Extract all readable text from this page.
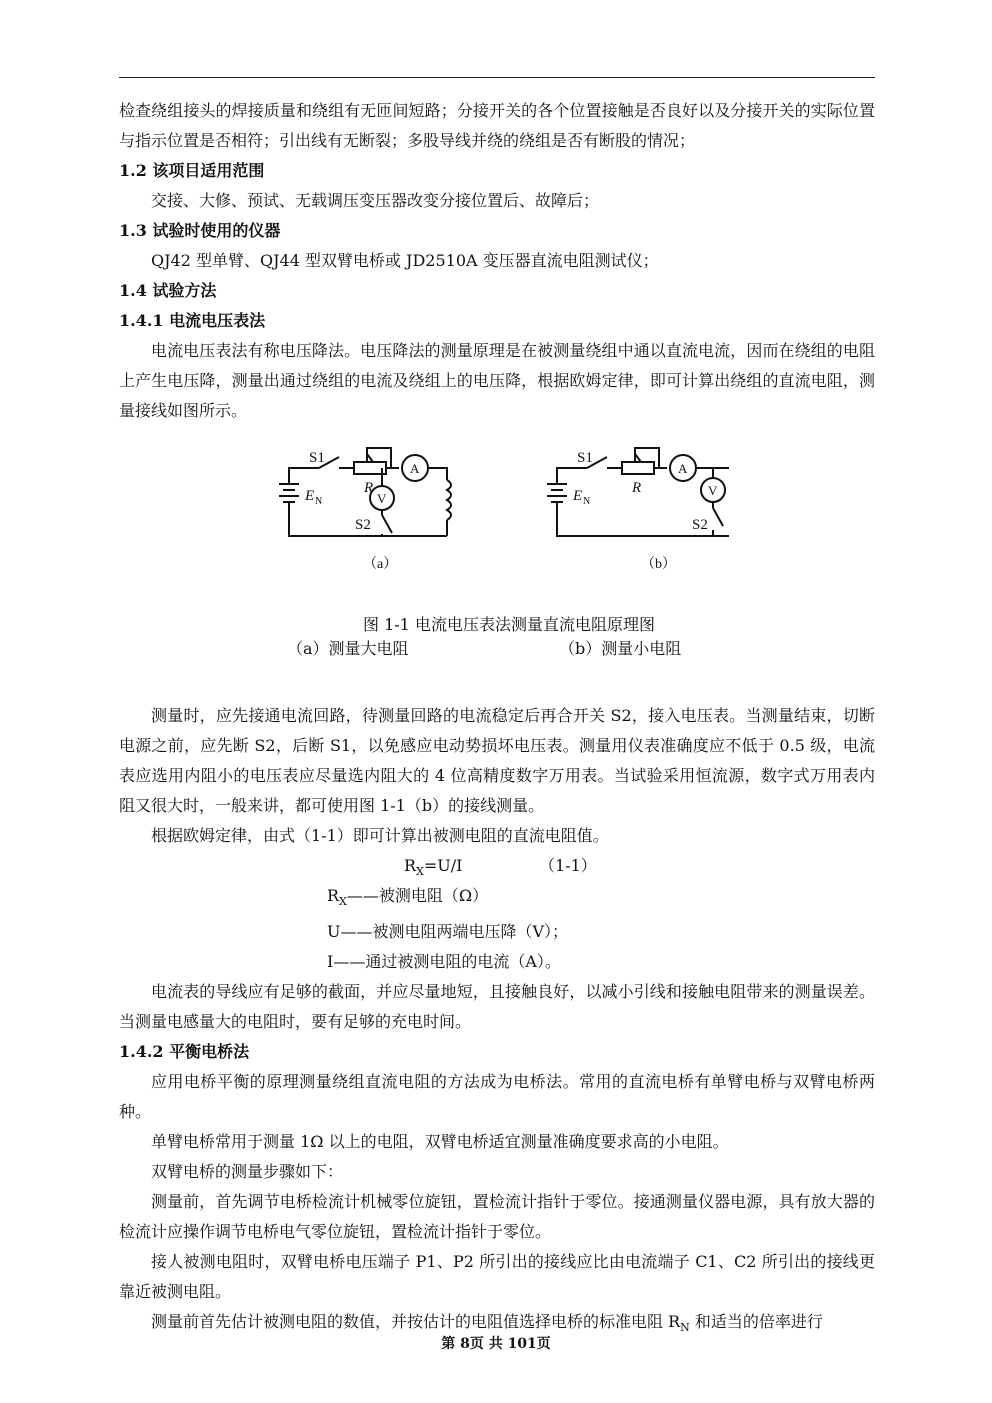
检查绕组接头的焊接质量和绕组有无匝间短路；分接开关的各个位置接触是否良好以及分接开关的实际位置与指示位置是否相符；引出线有无断裂；多股导线并绕的绕组是否有断股的情况；

1.2 该项目适用范围

交接、大修、预试、无载调压变压器改变分接位置后、故障后；

1.3 试验时使用的仪器

QJ42 型单臂、QJ44 型双臂电桥或 JD2510A 变压器直流电阻测试仪；

1.4 试验方法

1.4.1 电流电压表法

电流电压表法有称电压降法。电压降法的测量原理是在被测量绕组中通以直流电流，因而在绕组的电阻上产生电压降，测量出通过绕组的电流及绕组上的电压降，根据欧姆定律，即可计算出绕组的直流电阻，测量接线如图所示。

S1
R
A
V
E N
S2
（a）
S1
R
A
V
E N
S2
（b）
图 1-1 电流电压表法测量直流电阻原理图
（a）测量大电阻	（b）测量小电阻

测量时，应先接通电流回路，待测量回路的电流稳定后再合开关 S2，接入电压表。当测量结束，切断电源之前，应先断 S2，后断 S1，以免感应电动势损坏电压表。测量用仪表准确度应不低于 0.5 级，电流表应选用内阻小的电压表应尽量选内阻大的 4 位高精度数字万用表。当试验采用恒流源，数字式万用表内阻又很大时，一般来讲，都可使用图 1-1（b）的接线测量。

根据欧姆定律，由式（1-1）即可计算出被测电阻的直流电阻值。

$R_X=U/I$	（1-1）

$R_X——$被测电阻（Ω）

U——被测电阻两端电压降（V）；

I——通过被测电阻的电流（A）。

电流表的导线应有足够的截面，并应尽量地短，且接触良好，以减小引线和接触电阻带来的测量误差。当测量电感量大的电阻时，要有足够的充电时间。

1.4.2 平衡电桥法

应用电桥平衡的原理测量绕组直流电阻的方法成为电桥法。常用的直流电桥有单臂电桥与双臂电桥两种。

单臂电桥常用于测量 1Ω 以上的电阻，双臂电桥适宜测量准确度要求高的小电阻。

双臂电桥的测量步骤如下：

测量前，首先调节电桥检流计机械零位旋钮，置检流计指针于零位。接通测量仪器电源，具有放大器的检流计应操作调节电桥电气零位旋钮，置检流计指针于零位。

接人被测电阻时，双臂电桥电压端子 P1、P2 所引出的接线应比由电流端子 C1、C2 所引出的接线更靠近被测电阻。

测量前首先估计被测电阻的数值，并按估计的电阻值选择电桥的标准电阻 $R_N$ 和适当的倍率进行

第 8页 共 101页
